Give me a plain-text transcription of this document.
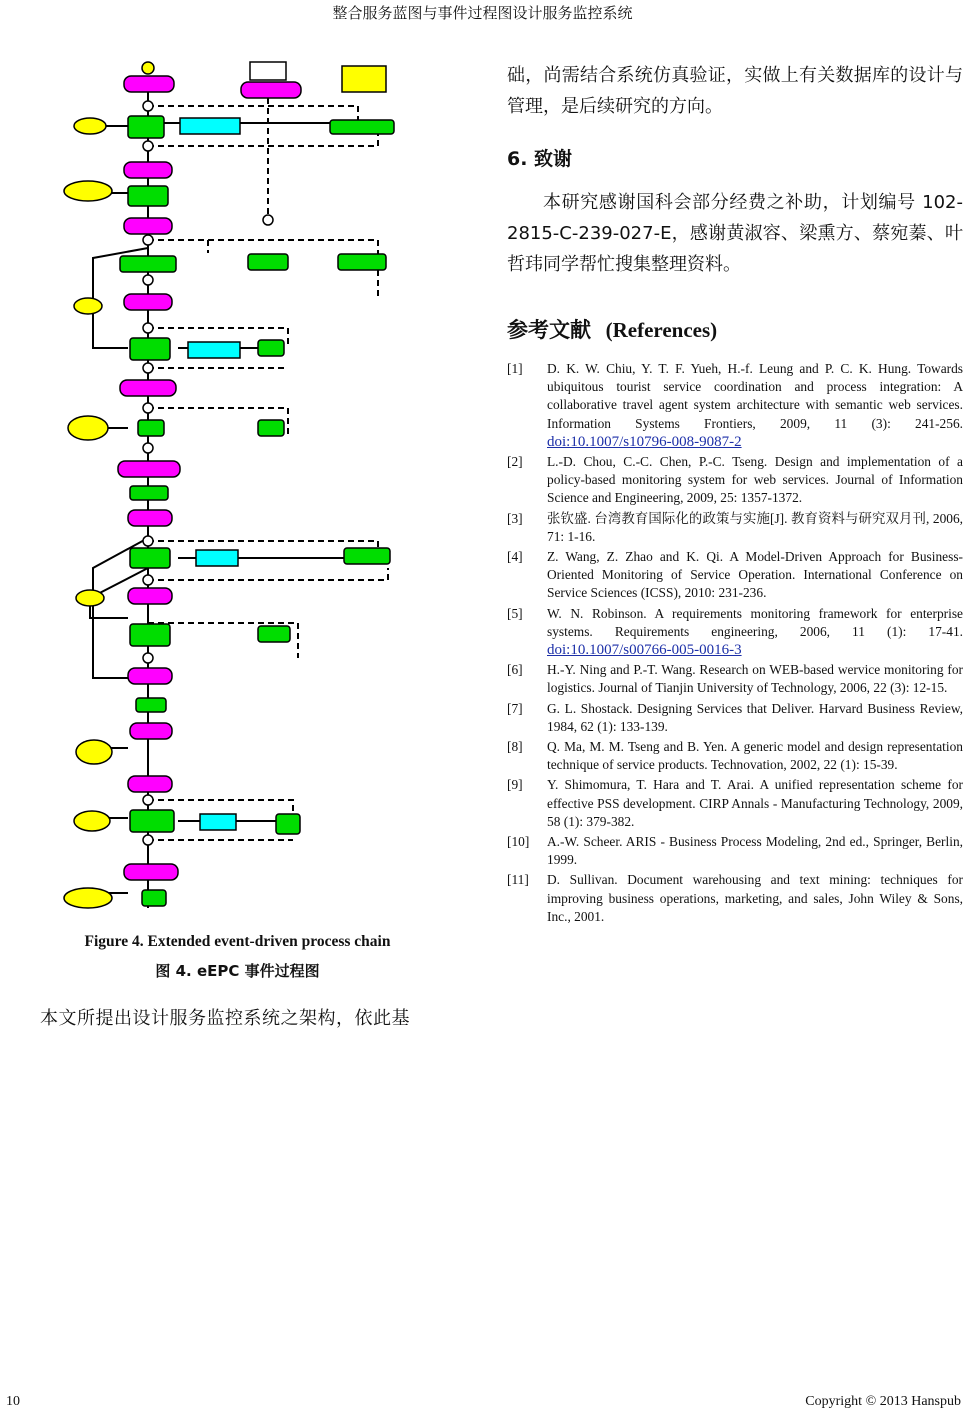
整合服务蓝图与事件过程图设计服务监控系统
Figure 4. Extended event-driven process chain
图 4. eEPC 事件过程图
本文所提出设计服务监控系统之架构，依此基

础，尚需结合系统仿真验证，实做上有关数据库的设计与管理，是后续研究的方向。

6. 致谢

本研究感谢国科会部分经费之补助，计划编号 102-2815-C-239-027-E，感谢黄淑容、梁熏方、蔡宛蓁、叶哲玮同学帮忙搜集整理资料。

参考文献 (References)
[1]	D. K. W. Chiu, Y. T. F. Yueh, H.-f. Leung and P. C. K. Hung. Towards ubiquitous tourist service coordination and process integration: A collaborative travel agent system architecture with semantic web services. Information Systems Frontiers, 2009, 11 (3): 241-256. doi:10.1007/s10796-008-9087-2
[2]	L.-D. Chou, C.-C. Chen, P.-C. Tseng. Design and implementation of a policy-based monitoring system for web services. Journal of Information Science and Engineering, 2009, 25: 1357-1372.
[3]	张钦盛. 台湾教育国际化的政策与实施[J]. 教育资料与研究双月刊, 2006, 71: 1-16.
[4]	Z. Wang, Z. Zhao and K. Qi. A Model-Driven Approach for Business-Oriented Monitoring of Service Operation. International Conference on Service Sciences (ICSS), 2010: 231-236.
[5]	W. N. Robinson. A requirements monitoring framework for enterprise systems. Requirements engineering, 2006, 11 (1): 17-41. doi:10.1007/s00766-005-0016-3
[6]	H.-Y. Ning and P.-T. Wang. Research on WEB-based wervice monitoring for logistics. Journal of Tianjin University of Technology, 2006, 22 (3): 12-15.
[7]	G. L. Shostack. Designing Services that Deliver. Harvard Business Review, 1984, 62 (1): 133-139.
[8]	Q. Ma, M. M. Tseng and B. Yen. A generic model and design representation technique of service products. Technovation, 2002, 22 (1): 15-39.
[9]	Y. Shimomura, T. Hara and T. Arai. A unified representation scheme for effective PSS development. CIRP Annals - Manufacturing Technology, 2009, 58 (1): 379-382.
[10]	A.-W. Scheer. ARIS - Business Process Modeling, 2nd ed., Springer, Berlin, 1999.
[11]	D. Sullivan. Document warehousing and text mining: techniques for improving business operations, marketing, and sales, John Wiley & Sons, Inc., 2001.
10	Copyright © 2013 Hanspub
